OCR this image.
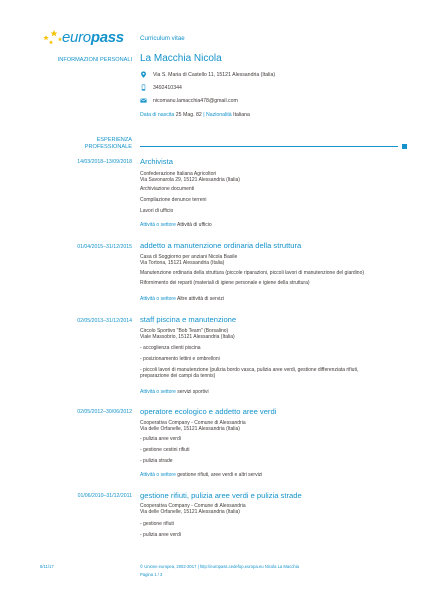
europass	Curriculum vitae
INFORMAZIONI PERSONALI La Macchia Nicola
Via S. Maria di Castello 11, 15121 Alessandria (Italia)
3492410344
nicomanu.lamacchia478@gmail.com
Data di nascita 25 Mag. 82 | Nazionalità Italiana
ESPERIENZA
PROFESSIONALE
14/03/2018–13/09/2018 Archivista
Confederazione Italiana Agricoltori
Via Savonarola 29, 15121 Alessandria (Italia)
Archiviazione documenti
Compilazione denunce terreni
Lavori di ufficio
Attività o settore Attività di ufficio
01/04/2015–31/12/2015 addetto a manutenzione ordinaria della struttura
Casa di Soggiorno per anziani Nicola Basile
Via Tortona, 15121 Alessandria (Italia)
Manutenzione ordinaria della struttura (piccole riparazioni, piccoli lavori di manutenzione del giardino)
Rifornimento dei reparti (materiali di igiene personale e igiene della struttura)
Attività o settore Altre attività di servizi
02/05/2013–31/12/2014 staff piscina e manutenzione
Circolo Sportivo "Bob Team" (Borsalino)
Viale Massobrio, 15121 Alessandria (Italia)
- accoglienza clienti piscina
- posizionamento lettini e ombrelloni
- piccoli lavori di manutenzione (pulizia bordo vasca, pulizia aree verdi, gestione differenziata rifiuti,
preparazione dei campi da tennis)
Attività o settore servizi sportivi
02/05/2012–30/06/2012 operatore ecologico e addetto aree verdi
Cooperativa Company - Comune di Alessandria
Via delle Orfanelle, 15121 Alessandria (Italia)
- pulizia aree verdi
- gestione cestini rifiuti
- pulizia strade
Attività o settore gestione rifiuti, aree verdi e altri servizi
01/06/2010–31/12/2011 gestione rifiuti, pulizia aree verdi e pulizia strade
Cooperativa Company - Comune di Alessandria
Via delle Orfanelle, 15121 Alessandria (Italia)
- gestione rifiuti
- pulizia aree verdi
8/11/17	© Unione europea, 2002-2017 | http://europass.cedefop.europa.eu Nicola La Macchia
Pagina 1 / 3
